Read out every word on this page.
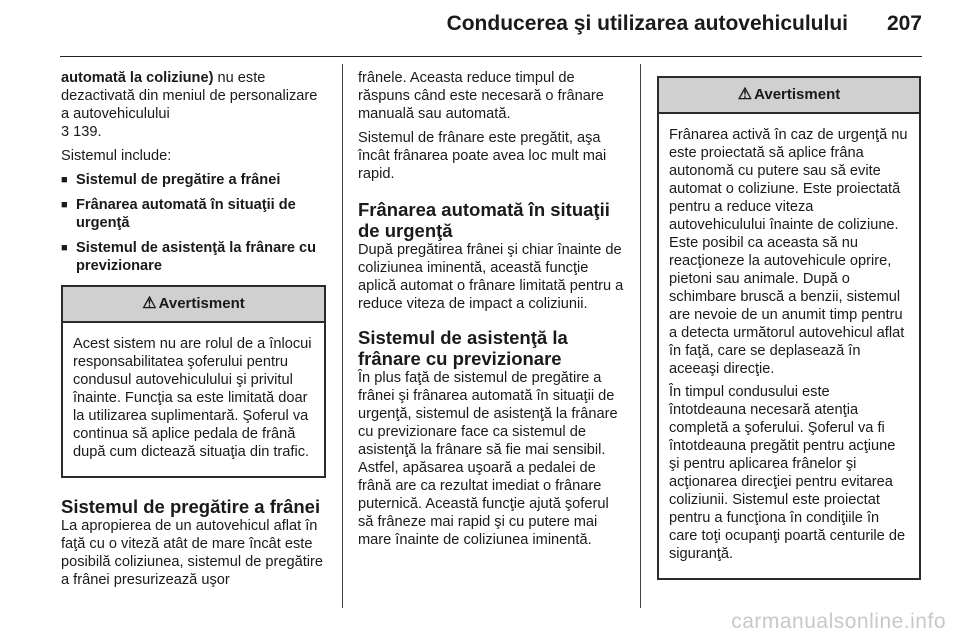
Conducerea şi utilizarea autovehiculului 207

automată la coliziune) nu este dezactivată din meniul de personalizare a autovehiculului
3 139.

Sistemul include:

■ Sistemul de pregătire a frânei
■ Frânarea automată în situaţii de urgenţă
■ Sistemul de asistenţă la frânare cu previzionare
⚠ Avertisment

Acest sistem nu are rolul de a înlocui responsabilitatea şoferului pentru condusul autovehiculului şi privitul înainte. Funcţia sa este limitată doar la utilizarea suplimentară. Şoferul va continua să aplice pedala de frână după cum dictează situaţia din trafic.

Sistemul de pregătire a frânei

La apropierea de un autovehicul aflat în faţă cu o viteză atât de mare încât este posibilă coliziunea, sistemul de pregătire a frânei presurizează uşor

frânele. Aceasta reduce timpul de răspuns când este necesară o frânare manuală sau automată.

Sistemul de frânare este pregătit, aşa încât frânarea poate avea loc mult mai rapid.

Frânarea automată în situaţii de urgenţă

După pregătirea frânei şi chiar înainte de coliziunea iminentă, această funcţie aplică automat o frânare limitată pentru a reduce viteza de impact a coliziunii.

Sistemul de asistenţă la frânare cu previzionare

În plus faţă de sistemul de pregătire a frânei şi frânarea automată în situaţii de urgenţă, sistemul de asistenţă la frânare cu previzionare face ca sistemul de asistenţă la frânare să fie mai sensibil. Astfel, apăsarea uşoară a pedalei de frână are ca rezultat imediat o frânare puternică. Această funcţie ajută şoferul să frâneze mai rapid şi cu putere mai mare înainte de coliziunea iminentă.

⚠ Avertisment

Frânarea activă în caz de urgenţă nu este proiectată să aplice frâna autonomă cu putere sau să evite automat o coliziune. Este proiectată pentru a reduce viteza autovehiculului înainte de coliziune. Este posibil ca aceasta să nu reacţioneze la autovehicule oprire, pietoni sau animale. După o schimbare bruscă a benzii, sistemul are nevoie de un anumit timp pentru a detecta următorul autovehicul aflat în faţă, care se deplasează în aceeaşi direcţie.

În timpul condusului este întotdeauna necesară atenţia completă a şoferului. Şoferul va fi întotdeauna pregătit pentru acţiune şi pentru aplicarea frânelor şi acţionarea direcţiei pentru evitarea coliziunii. Sistemul este proiectat pentru a funcţiona în condiţiile în care toţi ocupanţi poartă centurile de siguranţă.

carmanualsonline.info
